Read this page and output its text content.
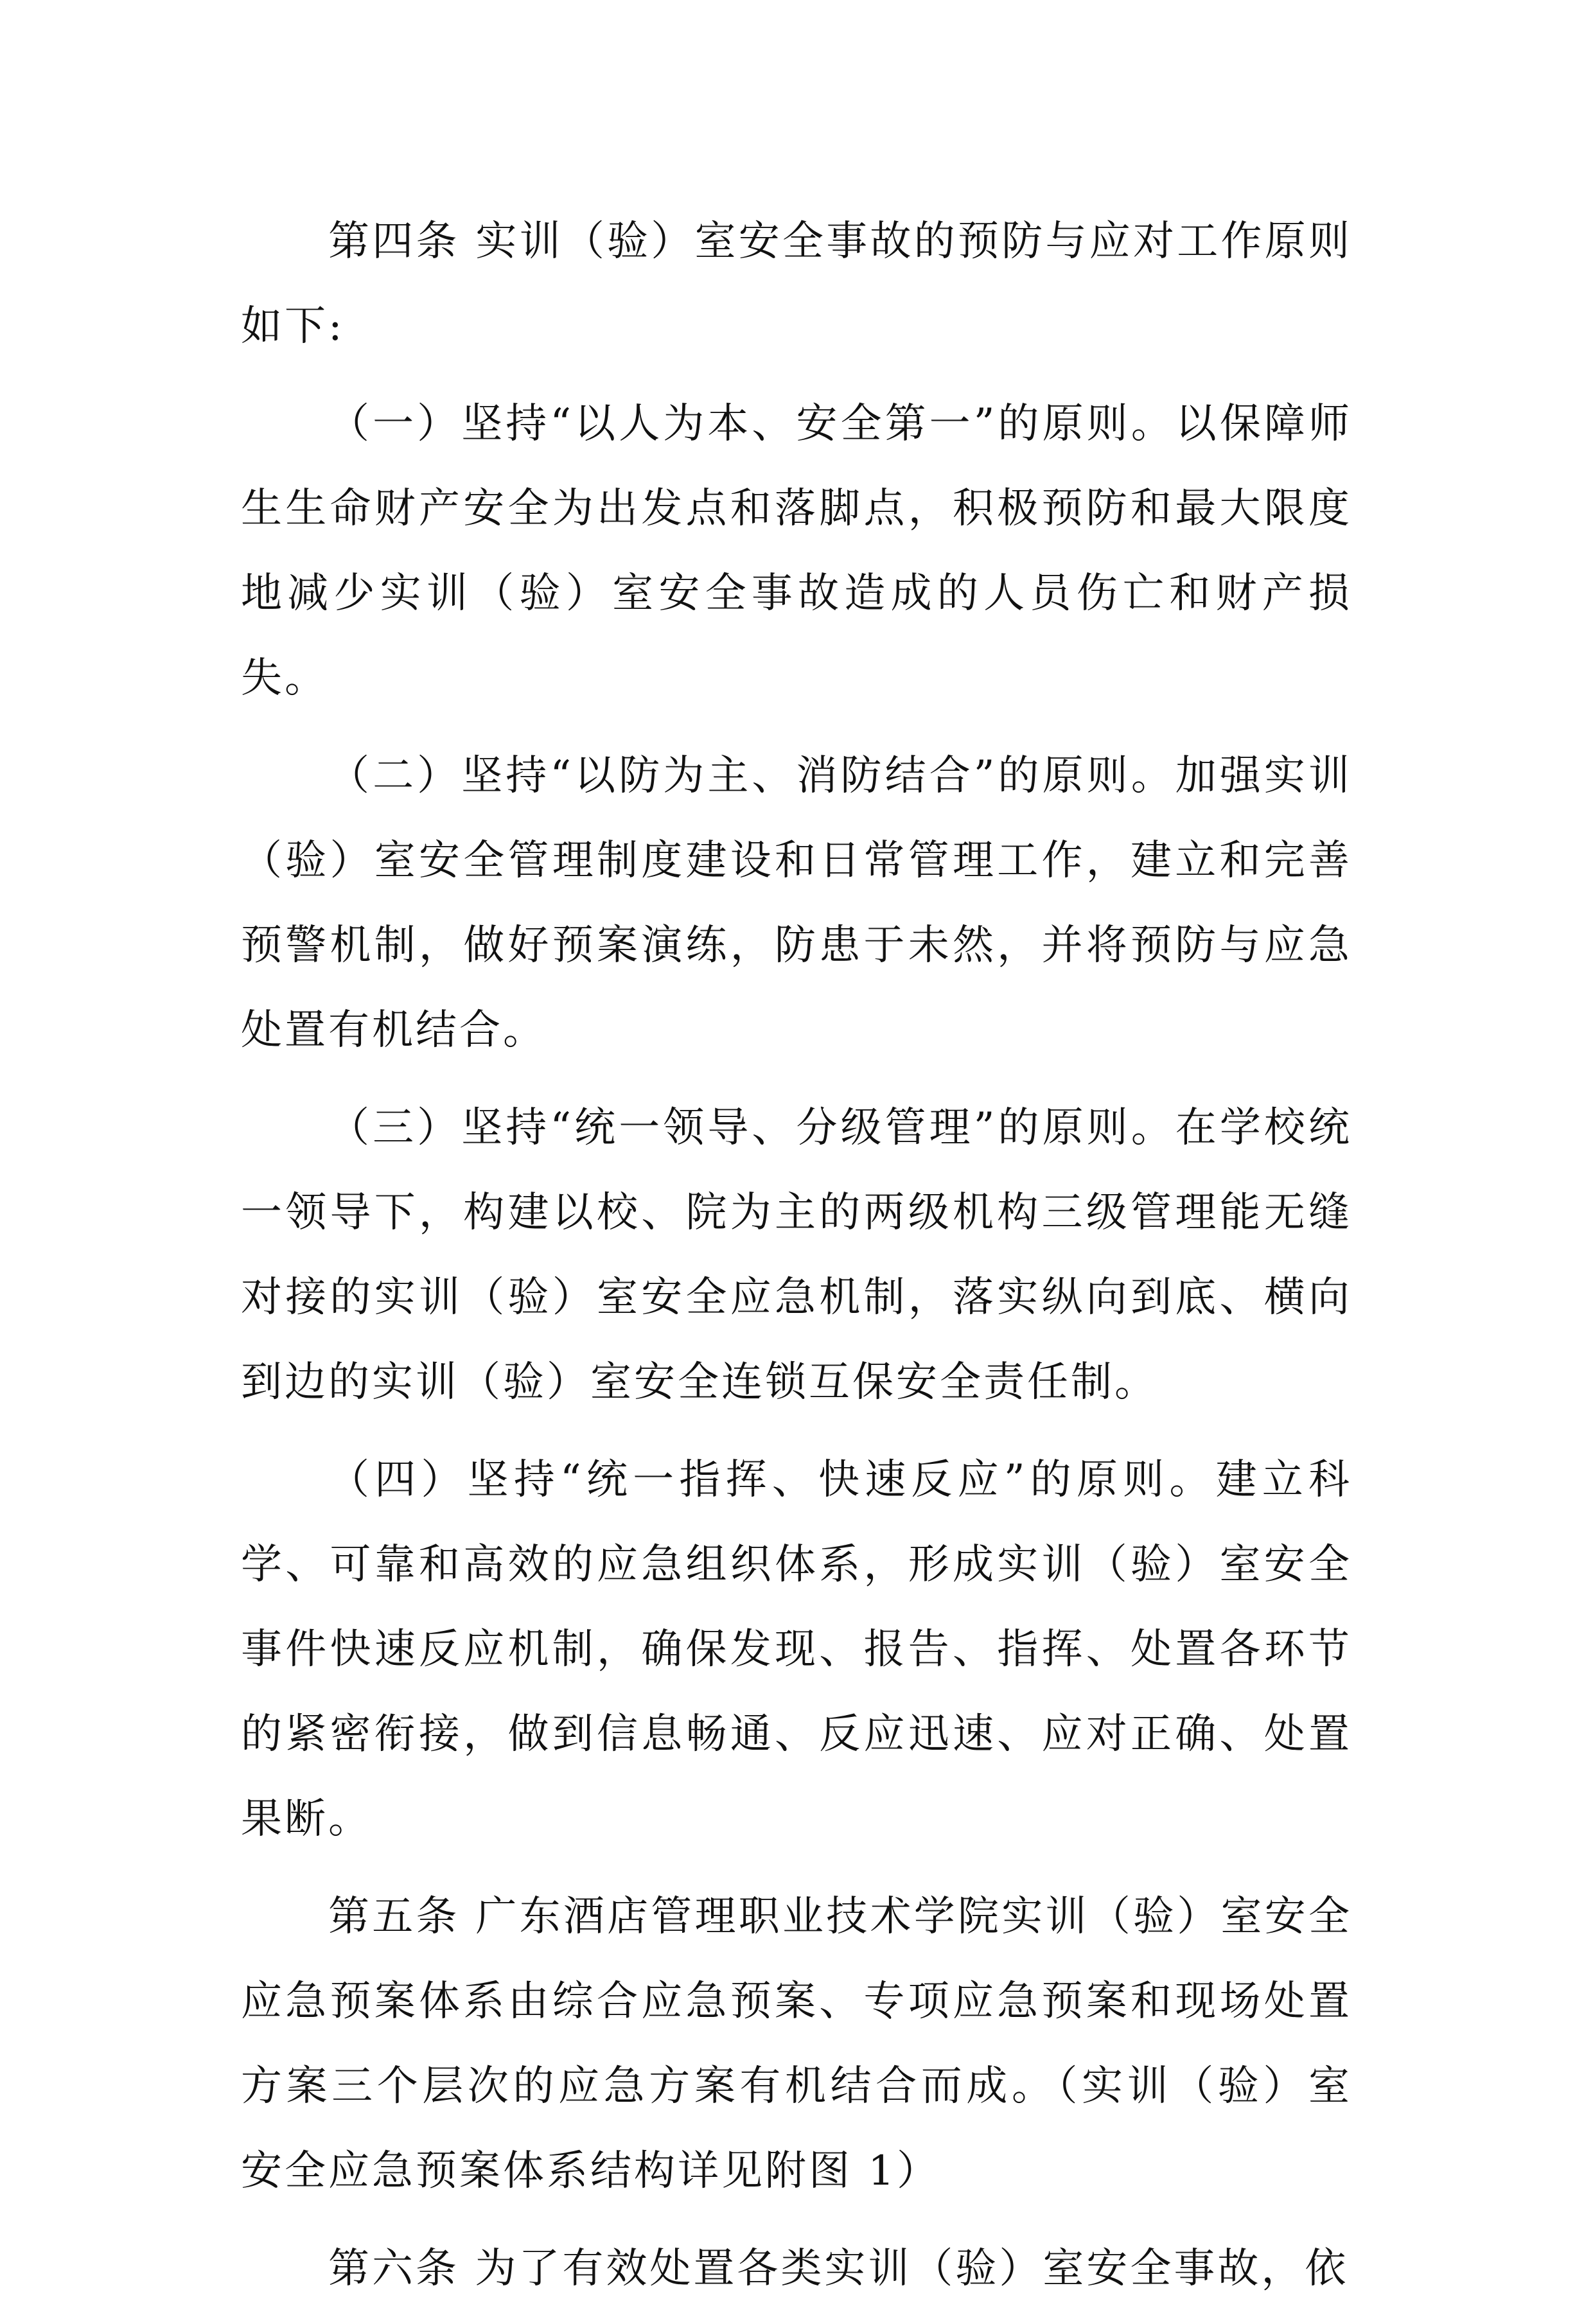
第四条 实训（验）室安全事故的预防与应对工作原则如下:

（一）坚持“以人为本、安全第一”的原则。以保障师生生命财产安全为出发点和落脚点，积极预防和最大限度地减少实训（验）室安全事故造成的人员伤亡和财产损失。

（二）坚持“以防为主、消防结合”的原则。加强实训（验）室安全管理制度建设和日常管理工作，建立和完善预警机制，做好预案演练，防患于未然，并将预防与应急处置有机结合。

（三）坚持“统一领导、分级管理”的原则。在学校统一领导下，构建以校、院为主的两级机构三级管理能无缝对接的实训（验）室安全应急机制，落实纵向到底、横向到边的实训（验）室安全连锁互保安全责任制。

（四）坚持“统一指挥、快速反应”的原则。建立科学、可靠和高效的应急组织体系，形成实训（验）室安全事件快速反应机制，确保发现、报告、指挥、处置各环节的紧密衔接，做到信息畅通、反应迅速、应对正确、处置果断。

第五条 广东酒店管理职业技术学院实训（验）室安全应急预案体系由综合应急预案、专项应急预案和现场处置方案三个层次的应急方案有机结合而成。（实训（验）室安全应急预案体系结构详见附图 1）

第六条 为了有效处置各类实训（验）室安全事故，依
